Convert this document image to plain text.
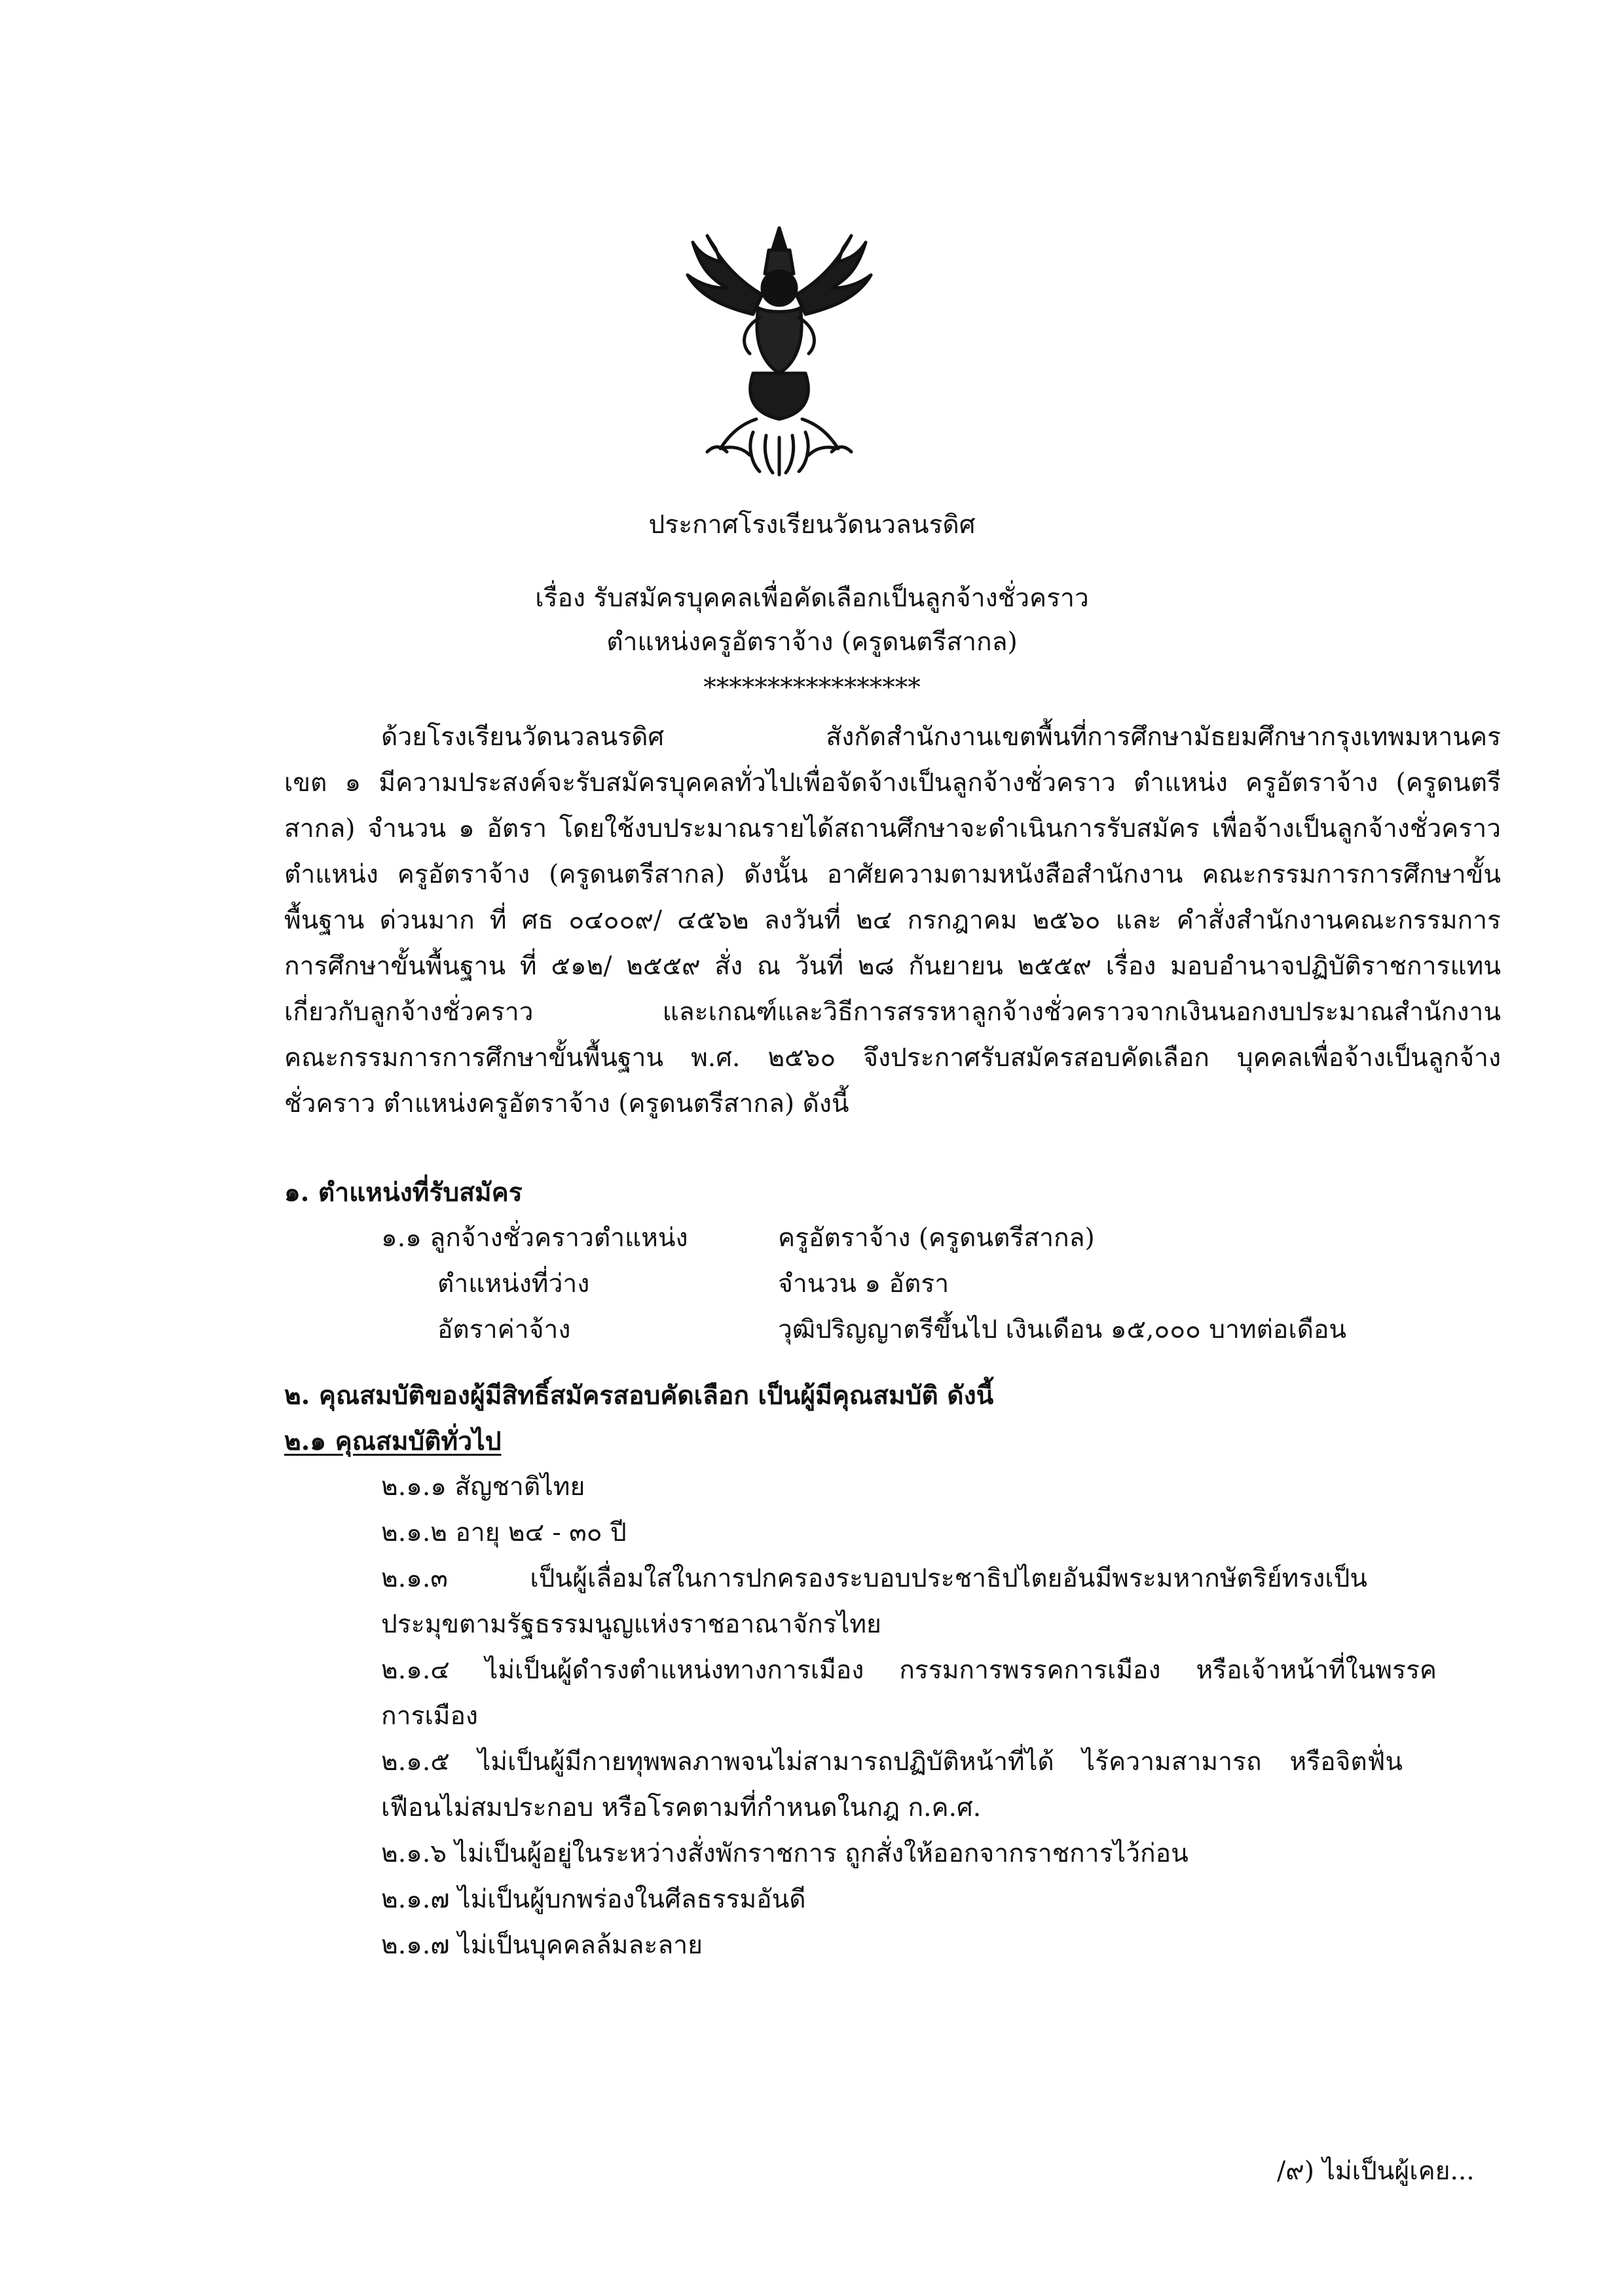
ประกาศโรงเรียนวัดนวลนรดิศ
เรื่อง รับสมัครบุคคลเพื่อคัดเลือกเป็นลูกจ้างชั่วคราว
ตำแหน่งครูอัตราจ้าง (ครูดนตรีสากล)
*****************
ด้วยโรงเรียนวัดนวลนรดิศ สังกัดสำนักงานเขตพื้นที่การศึกษามัธยมศึกษากรุงเทพมหานคร
เขต ๑ มีความประสงค์จะรับสมัครบุคคลทั่วไปเพื่อจัดจ้างเป็นลูกจ้างชั่วคราว ตำแหน่ง ครูอัตราจ้าง (ครูดนตรี
สากล) จำนวน ๑ อัตรา โดยใช้งบประมาณรายได้สถานศึกษาจะดำเนินการรับสมัคร เพื่อจ้างเป็นลูกจ้างชั่วคราว
ตำแหน่ง ครูอัตราจ้าง (ครูดนตรีสากล) ดังนั้น อาศัยความตามหนังสือสำนักงาน คณะกรรมการการศึกษาขั้น
พื้นฐาน ด่วนมาก ที่ ศธ ๐๔๐๐๙/ ๔๕๖๒ ลงวันที่ ๒๔ กรกฎาคม ๒๕๖๐ และ คำสั่งสำนักงานคณะกรรมการ
การศึกษาขั้นพื้นฐาน ที่ ๕๑๒/ ๒๕๕๙ สั่ง ณ วันที่ ๒๘ กันยายน ๒๕๕๙ เรื่อง มอบอำนาจปฏิบัติราชการแทน
เกี่ยวกับลูกจ้างชั่วคราว และเกณฑ์และวิธีการสรรหาลูกจ้างชั่วคราวจากเงินนอกงบประมาณสำนักงาน
คณะกรรมการการศึกษาขั้นพื้นฐาน พ.ศ. ๒๕๖๐ จึงประกาศรับสมัครสอบคัดเลือก บุคคลเพื่อจ้างเป็นลูกจ้าง
ชั่วคราว ตำแหน่งครูอัตราจ้าง (ครูดนตรีสากล) ดังนี้
๑. ตำแหน่งที่รับสมัคร
๑.๑ ลูกจ้างชั่วคราวตำแหน่ง	ครูอัตราจ้าง (ครูดนตรีสากล)
ตำแหน่งที่ว่าง	จำนวน ๑ อัตรา
อัตราค่าจ้าง	วุฒิปริญญาตรีขึ้นไป เงินเดือน ๑๕,๐๐๐ บาทต่อเดือน
๒. คุณสมบัติของผู้มีสิทธิ์สมัครสอบคัดเลือก เป็นผู้มีคุณสมบัติ ดังนี้
๒.๑ คุณสมบัติทั่วไป
๒.๑.๑ สัญชาติไทย
๒.๑.๒ อายุ ๒๔ - ๓๐ ปี
๒.๑.๓ เป็นผู้เลื่อมใสในการปกครองระบอบประชาธิปไตยอันมีพระมหากษัตริย์ทรงเป็น
ประมุขตามรัฐธรรมนูญแห่งราชอาณาจักรไทย
๒.๑.๔ ไม่เป็นผู้ดำรงตำแหน่งทางการเมือง กรรมการพรรคการเมือง หรือเจ้าหน้าที่ในพรรค
การเมือง
๒.๑.๕ ไม่เป็นผู้มีกายทุพพลภาพจนไม่สามารถปฏิบัติหน้าที่ได้ ไร้ความสามารถ หรือจิตฟั่น
เฟือนไม่สมประกอบ หรือโรคตามที่กำหนดในกฎ ก.ค.ศ.
๒.๑.๖ ไม่เป็นผู้อยู่ในระหว่างสั่งพักราชการ ถูกสั่งให้ออกจากราชการไว้ก่อน
๒.๑.๗ ไม่เป็นผู้บกพร่องในศีลธรรมอันดี
๒.๑.๗ ไม่เป็นบุคคลล้มละลาย
/๙) ไม่เป็นผู้เคย...
